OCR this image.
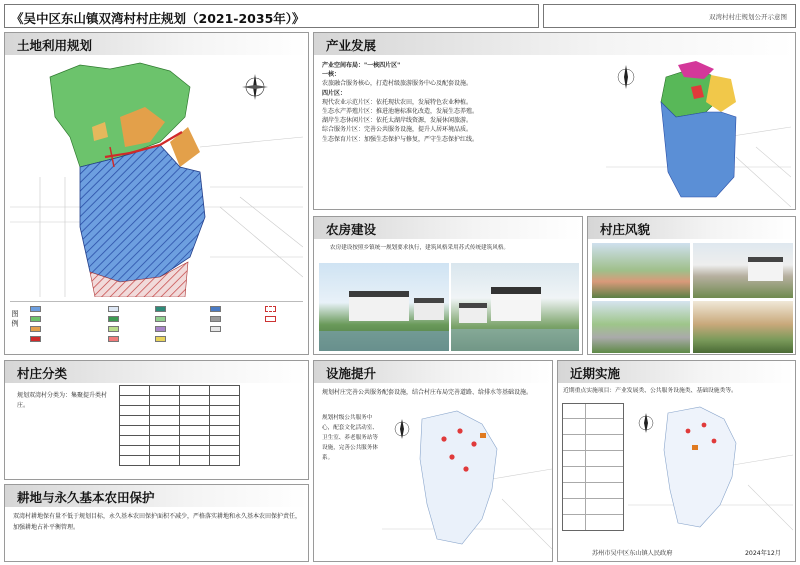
《吴中区东山镇双湾村村庄规划（2021-2035年）》	双湾村村庄规划公开示意图
土地利用规划
图 例
产业发展
产业空间布局："一核四片区"
一核：
农旅融合服务核心，打造村级旅游服务中心及配套设施。
四片区：
现代农业示范片区：依托现状农田，发展特色农业种植。
生态水产养殖片区：推进池塘标准化改造，发展生态养殖。
湖岸生态休闲片区：依托太湖岸线资源，发展休闲旅游。
综合服务片区：完善公共服务设施，提升人居环境品质。
生态保育片区：加强生态保护与修复，严守生态保护红线。
农房建设
农房建设按照乡镇统一规划要求执行，建筑风格采用苏式传统建筑风格。
村庄风貌
村庄分类
规划双湾村分类为：集聚提升类村庄。

耕地与永久基本农田保护
双湾村耕地保有量不低于规划目标，永久基本农田保护面积不减少，严格落实耕地和永久基本农田保护责任，加强耕地占补平衡管理。
设施提升
规划村庄完善公共服务配套设施，结合村庄布局完善道路、给排水等基础设施。
规划村级公共服务中心，配套文化活动室、卫生室、养老服务站等设施，完善公共服务体系。
近期实施
近期重点实施项目：产业发展类、公共服务设施类、基础设施类等。
苏州市吴中区东山镇人民政府	2024年12月
